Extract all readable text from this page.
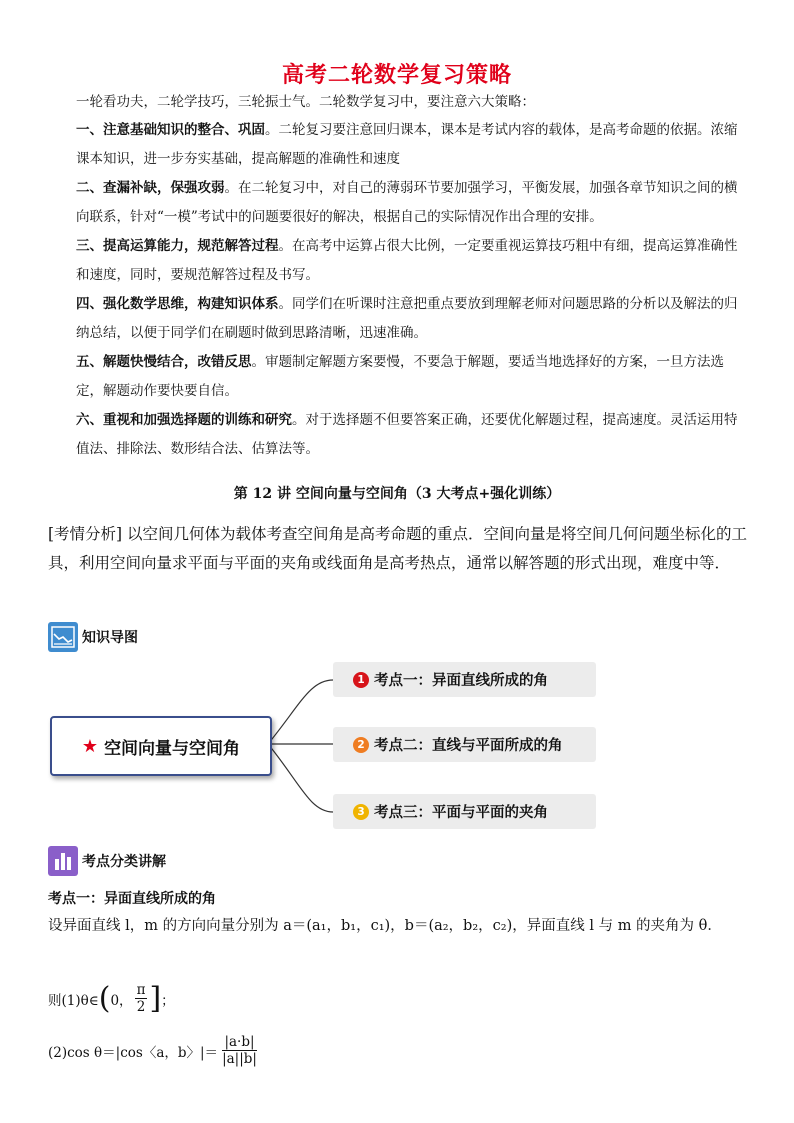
高考二轮数学复习策略
一轮看功夫，二轮学技巧，三轮振士气。二轮数学复习中，要注意六大策略：
一、注意基础知识的整合、巩固。二轮复习要注意回归课本，课本是考试内容的载体，是高考命题的依据。浓缩课本知识，进一步夯实基础，提高解题的准确性和速度
二、查漏补缺，保强攻弱。在二轮复习中，对自己的薄弱环节要加强学习，平衡发展，加强各章节知识之间的横向联系，针对“一模”考试中的问题要很好的解决，根据自己的实际情况作出合理的安排。
三、提高运算能力，规范解答过程。在高考中运算占很大比例，一定要重视运算技巧粗中有细，提高运算准确性和速度，同时，要规范解答过程及书写。
四、强化数学思维，构建知识体系。同学们在听课时注意把重点要放到理解老师对问题思路的分析以及解法的归纳总结，以便于同学们在刷题时做到思路清晰，迅速准确。
五、解题快慢结合，改错反思。审题制定解题方案要慢，不要急于解题，要适当地选择好的方案，一旦方法选定，解题动作要快要自信。
六、重视和加强选择题的训练和研究。对于选择题不但要答案正确，还要优化解题过程，提高速度。灵活运用特值法、排除法、数形结合法、估算法等。
第 12 讲 空间向量与空间角（3 大考点+强化训练）
[考情分析] 以空间几何体为载体考查空间角是高考命题的重点．空间向量是将空间几何问题坐标化的工具，利用空间向量求平面与平面的夹角或线面角是高考热点，通常以解答题的形式出现，难度中等．
知识导图
★ 空间向量与空间角
1 考点一：异面直线所成的角
2 考点二：直线与平面所成的角
3 考点三：平面与平面的夹角
考点分类讲解
考点一：异面直线所成的角
设异面直线 l，m 的方向向量分别为 a＝(a₁，b₁，c₁)，b＝(a₂，b₂，c₂)，异面直线 l 与 m 的夹角为 θ．
则(1)θ∈ ( 0， $\frac{\pi}{2}$ ] ；
(2)cos θ＝|cos〈a，b〉|＝ $\frac{|a\cdot b|}{|a||b|}$
